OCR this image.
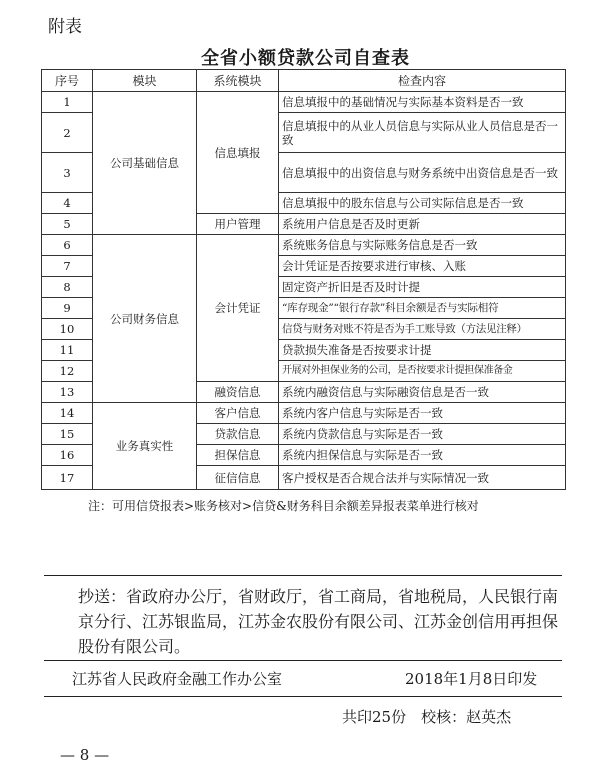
附表
全省小额贷款公司自查表
序号	模块	系统模块	检查内容
1	公司基础信息	信息填报	信息填报中的基础情况与实际基本资料是否一致
2			信息填报中的从业人员信息与实际从业人员信息是否一致
3			信息填报中的出资信息与财务系统中出资信息是否一致
4			信息填报中的股东信息与公司实际信息是否一致
5		用户管理	系统用户信息是否及时更新
6	公司财务信息	会计凭证	系统账务信息与实际账务信息是否一致
7			会计凭证是否按要求进行审核、入账
8			固定资产折旧是否及时计提
9			“库存现金”“银行存款”科目余额是否与实际相符
10			信贷与财务对账不符是否为手工账导致（方法见注释）
11			贷款损失准备是否按要求计提
12			开展对外担保业务的公司，是否按要求计提担保准备金
13		融资信息	系统内融资信息与实际融资信息是否一致
14	业务真实性	客户信息	系统内客户信息与实际是否一致
15		贷款信息	系统内贷款信息与实际是否一致
16		担保信息	系统内担保信息与实际是否一致
17		征信信息	客户授权是否合规合法并与实际情况一致
注：可用信贷报表>账务核对>信贷&财务科目余额差异报表菜单进行核对
抄送：省政府办公厅，省财政厅，省工商局，省地税局，人民银行南京分行、江苏银监局，江苏金农股份有限公司、江苏金创信用再担保股份有限公司。
江苏省人民政府金融工作办公室	2018年1月8日印发
共印25份　校核：赵英杰
— 8 —
